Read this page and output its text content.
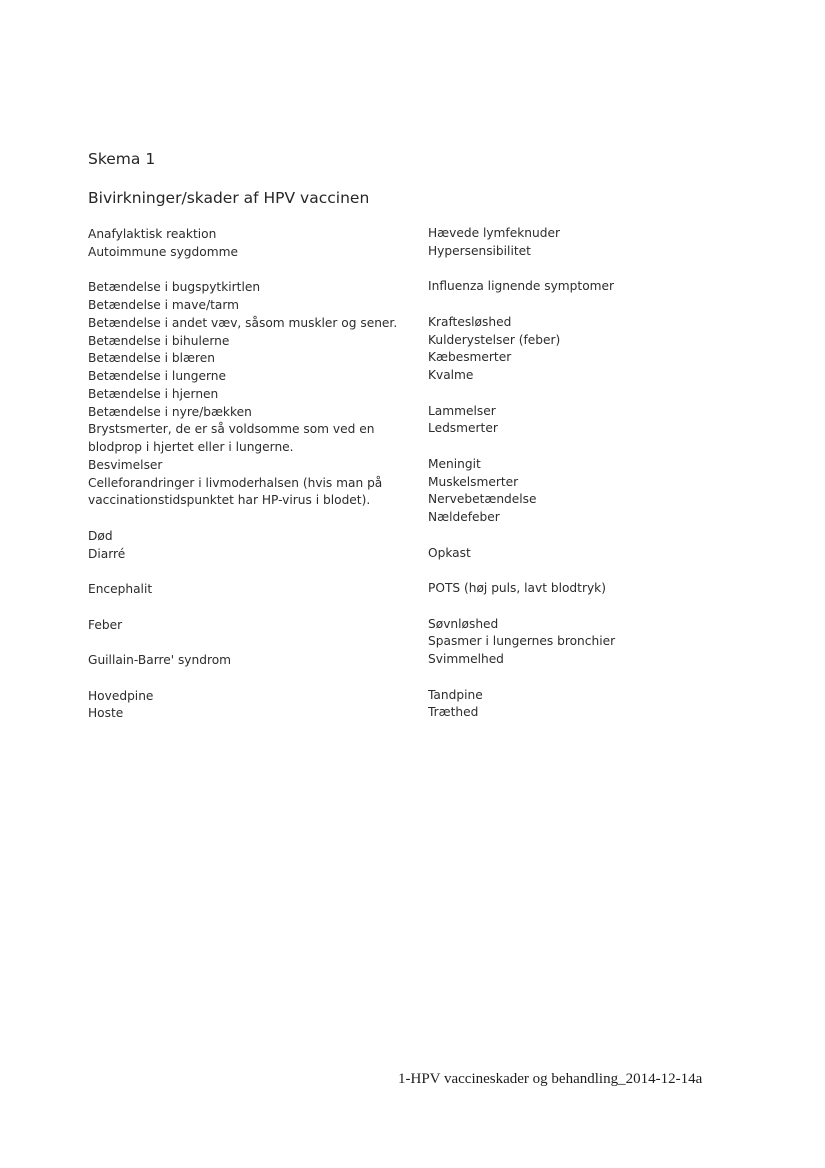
Skema 1
Bivirkninger/skader af HPV vaccinen
Anafylaktisk reaktion
Autoimmune sygdomme
Betændelse i bugspytkirtlen
Betændelse i mave/tarm
Betændelse i andet væv, såsom muskler og sener.
Betændelse i bihulerne
Betændelse i blæren
Betændelse i lungerne
Betændelse i hjernen
Betændelse i nyre/bækken
Brystsmerter, de er så voldsomme som ved en
blodprop i hjertet eller i lungerne.
Besvimelser
Celleforandringer i livmoderhalsen (hvis man på
vaccinationstidspunktet har HP-virus i blodet).
Død
Diarré
Encephalit
Feber
Guillain-Barre' syndrom
Hovedpine
Hoste
Hævede lymfeknuder
Hypersensibilitet
Influenza lignende symptomer
Kraftesløshed
Kulderystelser (feber)
Kæbesmerter
Kvalme
Lammelser
Ledsmerter
Meningit
Muskelsmerter
Nervebetændelse
Nældefeber
Opkast
POTS (høj puls, lavt blodtryk)
Søvnløshed
Spasmer i lungernes bronchier
Svimmelhed
Tandpine
Træthed

1-HPV vaccineskader og behandling_2014-12-14a
